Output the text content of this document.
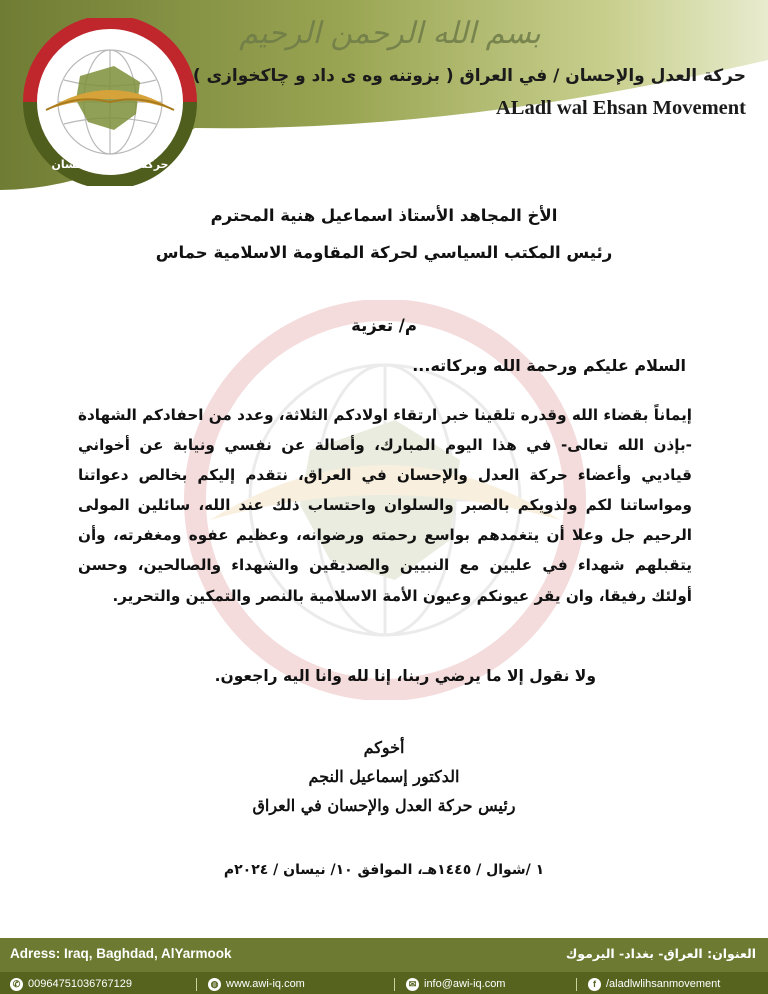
حركة العدل والإحسان
بسم الله الرحمن الرحيم
حركة العدل والإحسان / في العراق ( بزوتنه وه ى داد و چاكخوازى )
ALadl wal Ehsan Movement
الأخ المجاهد الأستاذ اسماعيل هنية المحترم
رئيس المكتب السياسي لحركة المقاومة الاسلامية حماس
م/ تعزية
السلام عليكم ورحمة الله وبركاته...
إيماناً بقضاء الله وقدره تلقينا خبر ارتقاء اولادكم الثلاثة، وعدد من احفادكم الشهادة -بإذن الله تعالى- في هذا اليوم المبارك، وأصالة عن نفسي ونيابة عن أخواني قياديي وأعضاء حركة العدل والإحسان في العراق، نتقدم إليكم بخالص دعواتنا ومواساتنا لكم ولذويكم بالصبر والسلوان واحتساب ذلك عند الله، سائلين المولى الرحيم جل وعلا أن يتغمدهم بواسع رحمته ورضوانه، وعظيم عفوه ومغفرته، وأن يتقبلهم شهداء في عليين مع النبيين والصديقين والشهداء والصالحين، وحسن أولئك رفيقا، وان يقر عيونكم وعيون الأمة الاسلامية بالنصر والتمكين والتحرير.
ولا نقول إلا ما يرضي ربنا، إنا لله وانا اليه راجعون.
أخوكم
الدكتور إسماعيل النجم
رئيس حركة العدل والإحسان في العراق
١ /شوال / ١٤٤٥هـ، الموافق ١٠/ نيسان / ٢٠٢٤م
Adress: Iraq, Baghdad, AlYarmook	العنوان: العراق- بغداد- اليرموك
✆ 00964751036767129	◍ www.awi-iq.com	✉ info@awi-iq.com	f /aladlwlihsanmovement
